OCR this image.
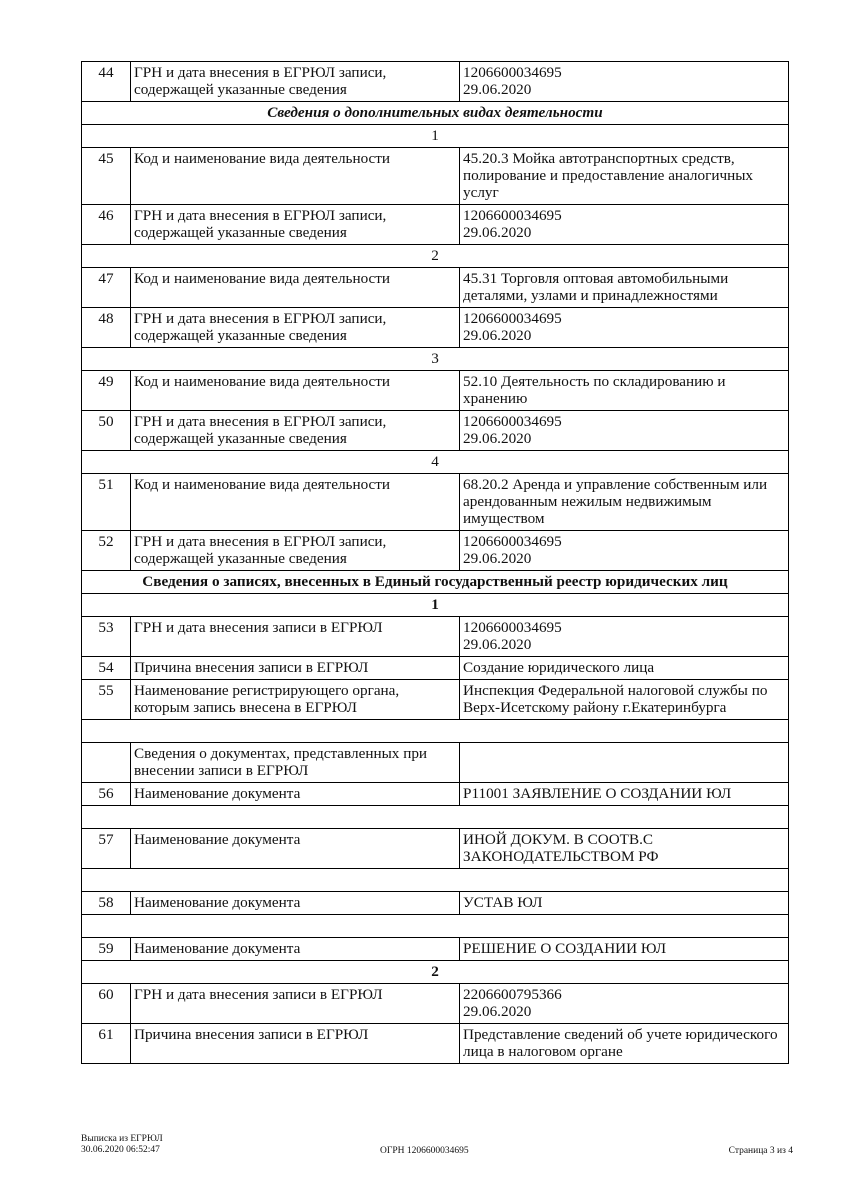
44	ГРН и дата внесения в ЕГРЮЛ записи, содержащей указанные сведения	1206600034695
29.06.2020
Сведения о дополнительных видах деятельности		
1		
45	Код и наименование вида деятельности	45.20.3 Мойка автотранспортных средств, полирование и предоставление аналогичных услуг
46	ГРН и дата внесения в ЕГРЮЛ записи, содержащей указанные сведения	1206600034695
29.06.2020
2		
47	Код и наименование вида деятельности	45.31 Торговля оптовая автомобильными деталями, узлами и принадлежностями
48	ГРН и дата внесения в ЕГРЮЛ записи, содержащей указанные сведения	1206600034695
29.06.2020
3		
49	Код и наименование вида деятельности	52.10 Деятельность по складированию и хранению
50	ГРН и дата внесения в ЕГРЮЛ записи, содержащей указанные сведения	1206600034695
29.06.2020
4		
51	Код и наименование вида деятельности	68.20.2 Аренда и управление собственным или арендованным нежилым недвижимым имуществом
52	ГРН и дата внесения в ЕГРЮЛ записи, содержащей указанные сведения	1206600034695
29.06.2020
Сведения о записях, внесенных в Единый государственный реестр юридических лиц		
1		
53	ГРН и дата внесения записи в ЕГРЮЛ	1206600034695
29.06.2020
54	Причина внесения записи в ЕГРЮЛ	Создание юридического лица
55	Наименование регистрирующего органа, которым запись внесена в ЕГРЮЛ	Инспекция Федеральной налоговой службы по Верх-Исетскому району г.Екатеринбурга

	Сведения о документах, представленных при внесении записи в ЕГРЮЛ	
56	Наименование документа	Р11001 ЗАЯВЛЕНИЕ О СОЗДАНИИ ЮЛ

57	Наименование документа	ИНОЙ ДОКУМ. В СООТВ.С ЗАКОНОДАТЕЛЬСТВОМ РФ

58	Наименование документа	УСТАВ ЮЛ

59	Наименование документа	РЕШЕНИЕ О СОЗДАНИИ ЮЛ
2		
60	ГРН и дата внесения записи в ЕГРЮЛ	2206600795366
29.06.2020
61	Причина внесения записи в ЕГРЮЛ	Представление сведений об учете юридического лица в налоговом органе
Выписка из ЕГРЮЛ
30.06.2020 06:52:47	ОГРН 1206600034695	Страница 3 из 4
